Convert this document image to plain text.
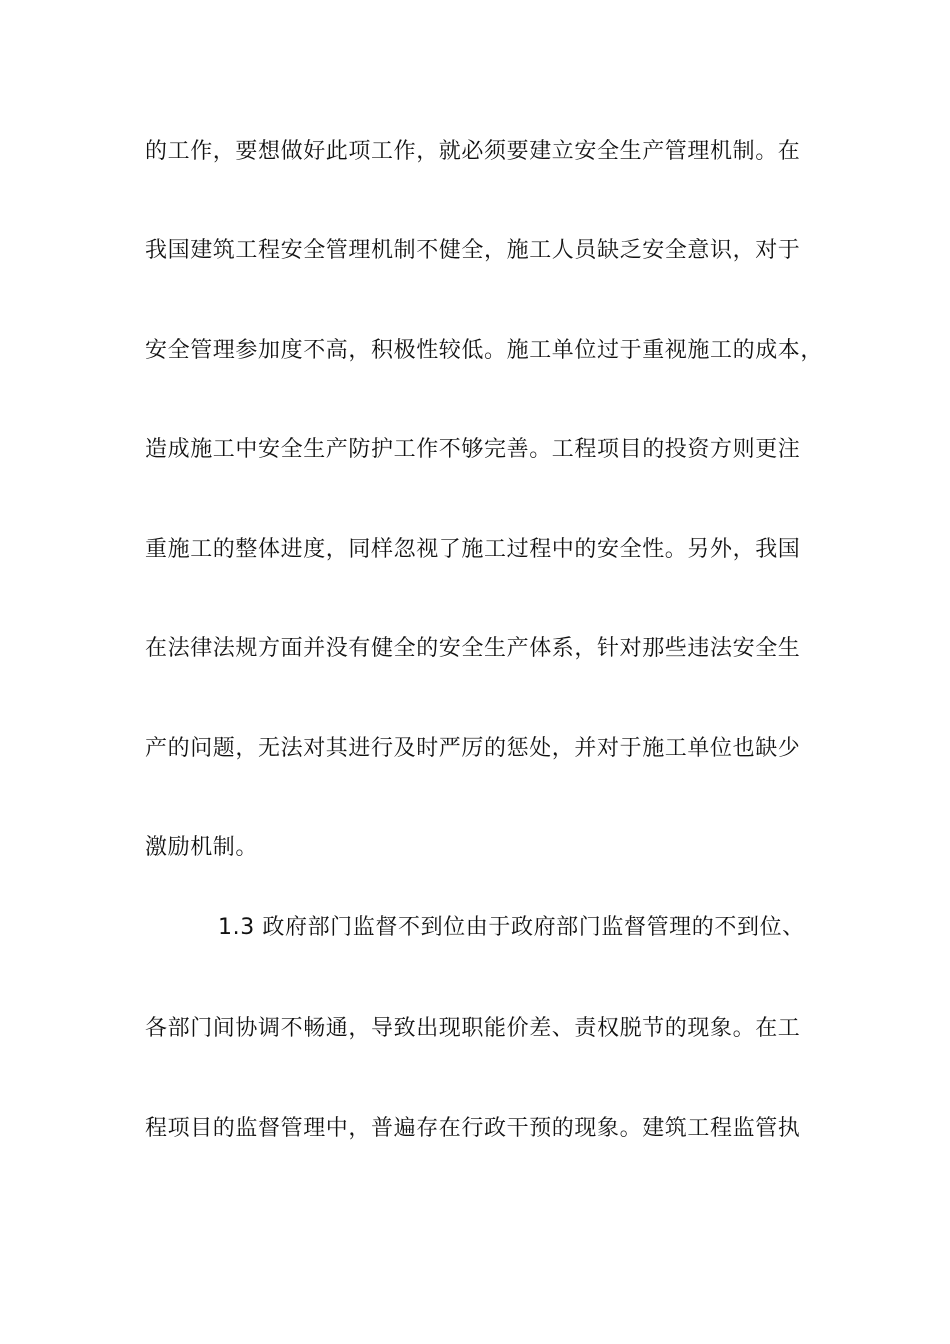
的工作，要想做好此项工作，就必须要建立安全生产管理机制。在
我国建筑工程安全管理机制不健全，施工人员缺乏安全意识，对于
安全管理参加度不高，积极性较低。施工单位过于重视施工的成本，
造成施工中安全生产防护工作不够完善。工程项目的投资方则更注
重施工的整体进度，同样忽视了施工过程中的安全性。另外，我国
在法律法规方面并没有健全的安全生产体系，针对那些违法安全生
产的问题，无法对其进行及时严厉的惩处，并对于施工单位也缺少
激励机制。
1.3 政府部门监督不到位由于政府部门监督管理的不到位、
各部门间协调不畅通，导致出现职能价差、责权脱节的现象。在工
程项目的监督管理中，普遍存在行政干预的现象。建筑工程监管执
